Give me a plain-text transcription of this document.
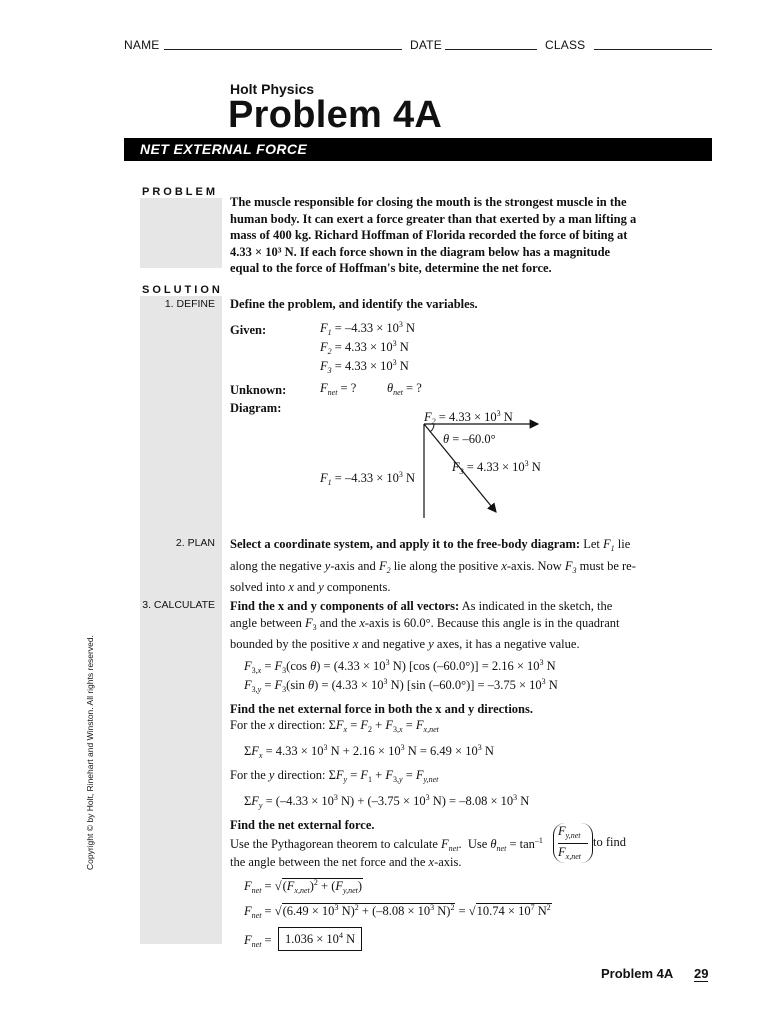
NAME	DATE	CLASS
Holt Physics
Problem 4A
NET EXTERNAL FORCE
PROBLEM
The muscle responsible for closing the mouth is the strongest muscle in the human body. It can exert a force greater than that exerted by a man lifting a mass of 400 kg. Richard Hoffman of Florida recorded the force of biting at 4.33 × 10³ N. If each force shown in the diagram below has a magnitude equal to the force of Hoffman's bite, determine the net force.
SOLUTION
1. DEFINE Define the problem, and identify the variables.
Given:	$F_1 = -4.33 \times 10^3$ N
$F_2 = 4.33 \times 10^3$ N
$F_3 = 4.33 \times 10^3$ N
Unknown:	$F_{net}$ = ? $\theta_{net}$ = ?
Diagram:
$F_2 = 4.33 \times 10^3$ N
θ = –60.0°
$F_3 = 4.33 \times 10^3$ N
$F_1 = -4.33 \times 10^3$ N
2. PLAN Select a coordinate system, and apply it to the free-body diagram: Let $F_1$ lie along the negative y-axis and $F_2$ lie along the positive x-axis. Now $F_3$ must be re-solved into x and y components.
3. CALCULATE Find the x and y components of all vectors: As indicated in the sketch, the angle between $F_3$ and the x-axis is 60.0°. Because this angle is in the quadrant bounded by the positive x and negative y axes, it has a negative value.
$F_{3,x} = F_3(\cos$ $\theta) = (4.33 \times 10^3$ N) [cos $(-60.0^\circ)] = 2.16 \times 10^3$ N
$F_{3,y} = F_3(\sin$ $\theta) = (4.33 \times 10^3$ N) [sin $(-60.0^\circ)] = -3.75 \times 10^3$ N
Find the net external force in both the x and y directions.
For the x direction: $\Sigma F_x = F_2 + F_{3,x} = F_{x,net}$
$\Sigma F_x = 4.33 \times 10^3$ $N + 2.16 \times 10^3$ $N = 6.49 \times 10^3$ N
For the y direction: $\Sigma F_y = F_1 + F_{3,y} = F_{y,net}$
$\Sigma F_y = (-4.33 \times 10^3$ $N) + (-3.75 \times 10^3$ $N) = -8.08 \times 10^3$ N
Find the net external force.
Use the Pythagorean theorem to calculate $F_{net}$.  Use $\theta_{net} = \tan^{-1}$
$F_{y,net}$
$F_{x,net}$
to find
the angle between the net force and the x-axis.
$F_{net} = √(F_{x,net})^2 + (F_{y,net})$
$F_{net} = √(6.49 \times 10^3$ $N)^2 + (-8.08 \times 10^3$ $N)^2 = √10.74 \times 10^7$ $N^2$
$F_{net}$ =	$1.036 \times 10^4$ N
Copyright © by Holt, Rinehart and Winston. All rights reserved.
Problem 4A 29
